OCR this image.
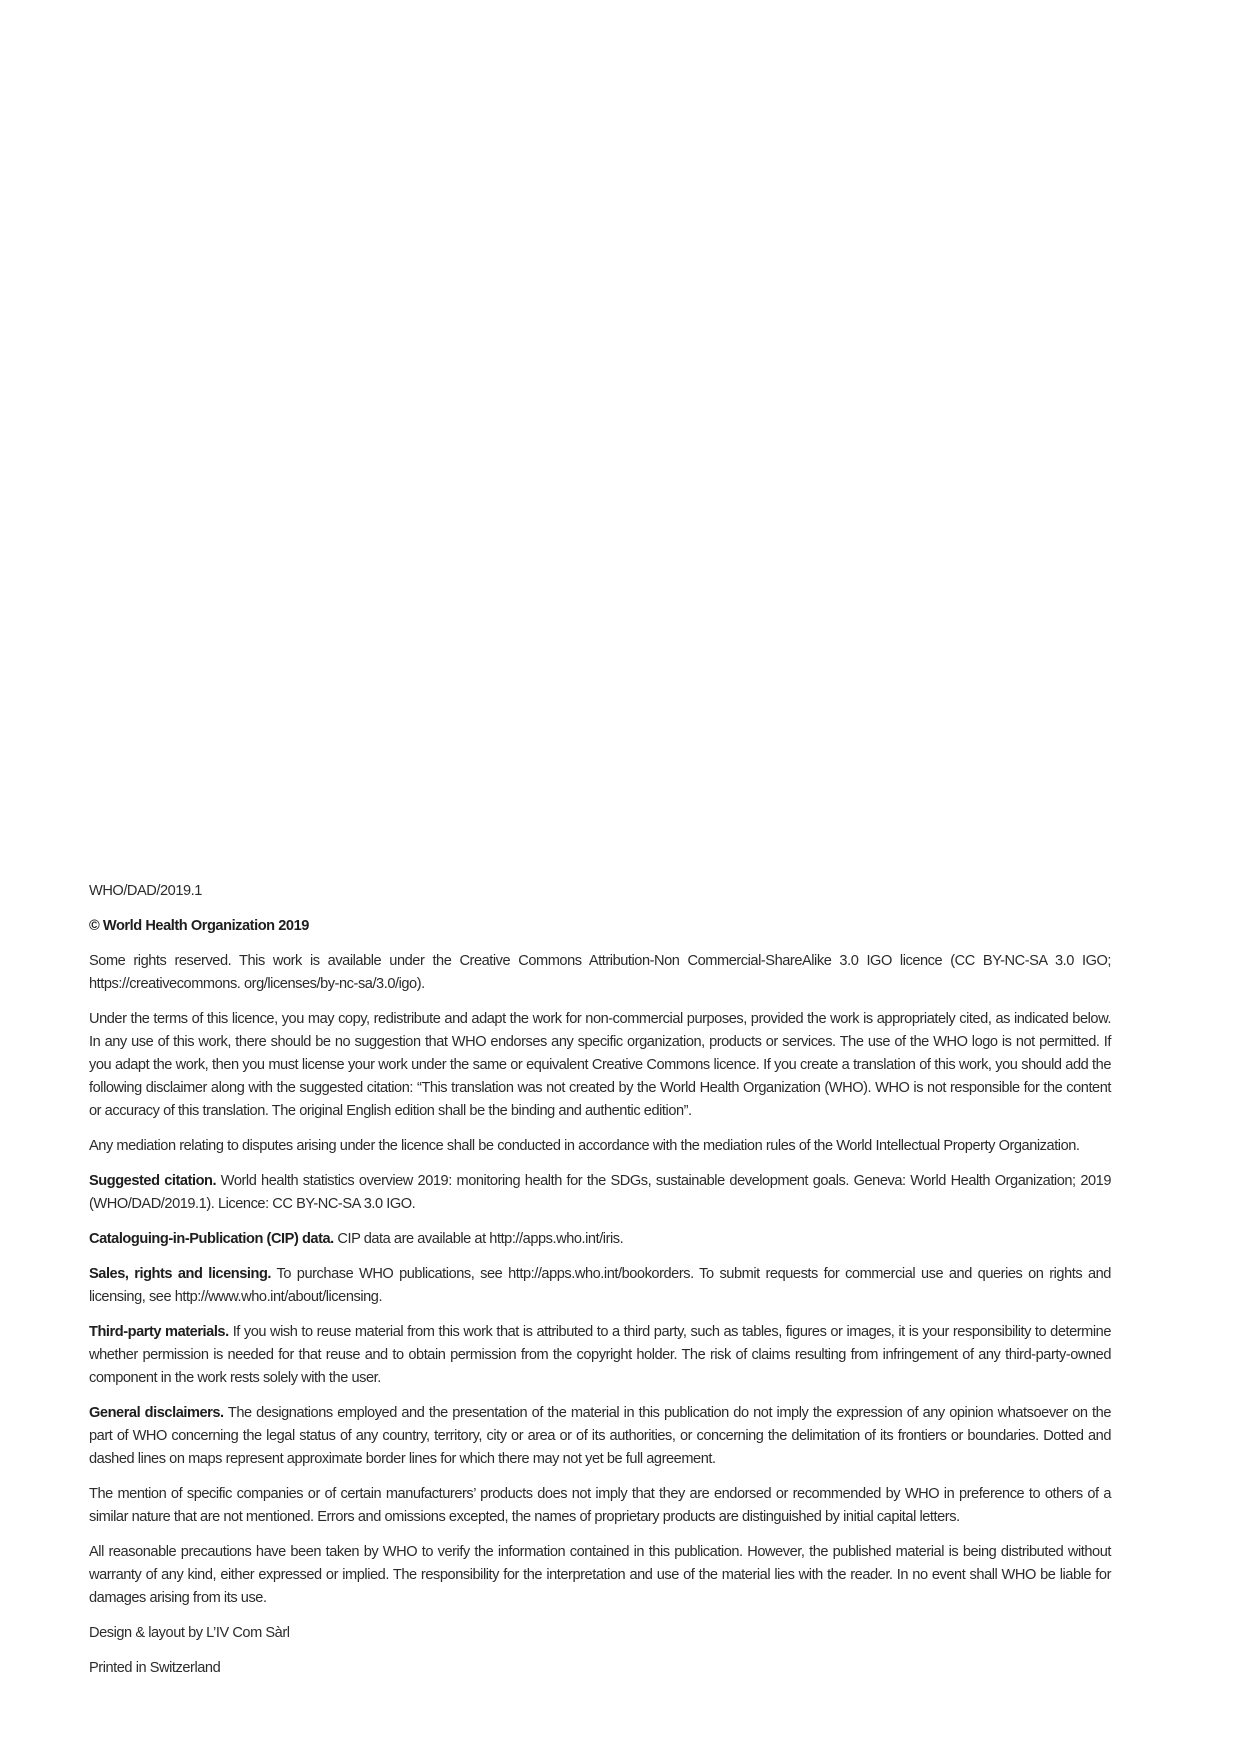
WHO/DAD/2019.1

© World Health Organization 2019

Some rights reserved. This work is available under the Creative Commons Attribution-Non Commercial-ShareAlike 3.0 IGO licence (CC BY-NC-SA 3.0 IGO; https://creativecommons. org/licenses/by-nc-sa/3.0/igo).

Under the terms of this licence, you may copy, redistribute and adapt the work for non-commercial purposes, provided the work is appropriately cited, as indicated below. In any use of this work, there should be no suggestion that WHO endorses any specific organization, products or services. The use of the WHO logo is not permitted. If you adapt the work, then you must license your work under the same or equivalent Creative Commons licence. If you create a translation of this work, you should add the following disclaimer along with the suggested citation: “This translation was not created by the World Health Organization (WHO). WHO is not responsible for the content or accuracy of this translation. The original English edition shall be the binding and authentic edition”.

Any mediation relating to disputes arising under the licence shall be conducted in accordance with the mediation rules of the World Intellectual Property Organization.

Suggested citation. World health statistics overview 2019: monitoring health for the SDGs, sustainable development goals. Geneva: World Health Organization; 2019 (WHO/DAD/2019.1). Licence: CC BY-NC-SA 3.0 IGO.

Cataloguing-in-Publication (CIP) data. CIP data are available at http://apps.who.int/iris.

Sales, rights and licensing. To purchase WHO publications, see http://apps.who.int/bookorders. To submit requests for commercial use and queries on rights and licensing, see http://www.who.int/about/licensing.

Third-party materials. If you wish to reuse material from this work that is attributed to a third party, such as tables, figures or images, it is your responsibility to determine whether permission is needed for that reuse and to obtain permission from the copyright holder. The risk of claims resulting from infringement of any third-party-owned component in the work rests solely with the user.

General disclaimers. The designations employed and the presentation of the material in this publication do not imply the expression of any opinion whatsoever on the part of WHO concerning the legal status of any country, territory, city or area or of its authorities, or concerning the delimitation of its frontiers or boundaries. Dotted and dashed lines on maps represent approximate border lines for which there may not yet be full agreement.

The mention of specific companies or of certain manufacturers’ products does not imply that they are endorsed or recommended by WHO in preference to others of a similar nature that are not mentioned. Errors and omissions excepted, the names of proprietary products are distinguished by initial capital letters.

All reasonable precautions have been taken by WHO to verify the information contained in this publication. However, the published material is being distributed without warranty of any kind, either expressed or implied. The responsibility for the interpretation and use of the material lies with the reader. In no event shall WHO be liable for damages arising from its use.

Design & layout by L’IV Com Sàrl

Printed in Switzerland
